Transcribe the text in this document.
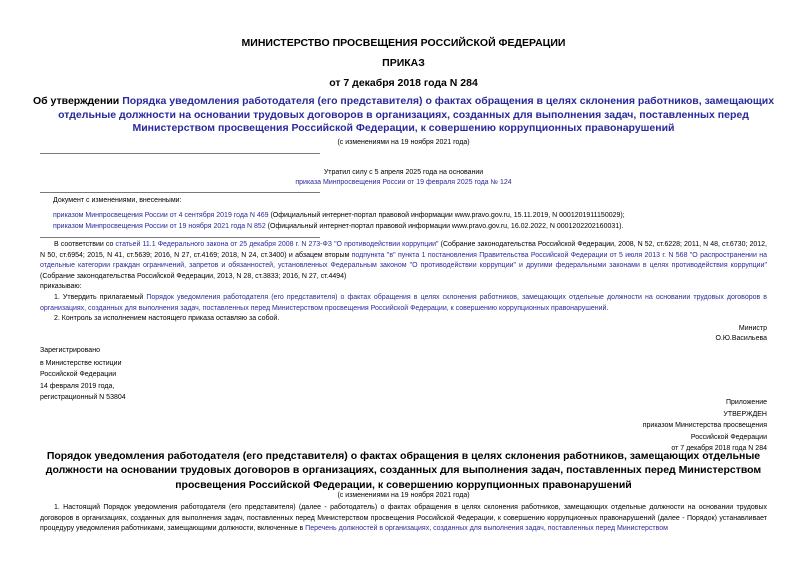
МИНИСТЕРСТВО ПРОСВЕЩЕНИЯ РОССИЙСКОЙ ФЕДЕРАЦИИ
ПРИКАЗ
от 7 декабря 2018 года N 284
Об утверждении Порядка уведомления работодателя (его представителя) о фактах обращения в целях склонения работников, замещающих отдельные должности на основании трудовых договоров в организациях, созданных для выполнения задач, поставленных перед Министерством просвещения Российской Федерации, к совершению коррупционных правонарушений
(с изменениями на 19 ноября 2021 года)
Утратил силу с 5 апреля 2025 года на основании
приказа Минпросвещения России от 19 февраля 2025 года № 124
Документ с изменениями, внесенными:
приказом Минпросвещения России от 4 сентября 2019 года N 469 (Официальный интернет-портал правовой информации www.pravo.gov.ru, 15.11.2019, N 0001201911150029);
приказом Минпросвещения России от 19 ноября 2021 года N 852 (Официальный интернет-портал правовой информации www.pravo.gov.ru, 16.02.2022, N 0001202202160031).
В соответствии со статьей 11.1 Федерального закона от 25 декабря 2008 г. N 273-ФЗ "О противодействии коррупции" (Собрание законодательства Российской Федерации, 2008, N 52, ст.6228; 2011, N 48, ст.6730; 2012, N 50, ст.6954; 2015, N 41, ст.5639; 2016, N 27, ст.4169; 2018, N 24, ст.3400) и абзацем вторым подпункта "в" пункта 1 постановления Правительства Российской Федерации от 5 июля 2013 г. N 568 "О распространении на отдельные категории граждан ограничений, запретов и обязанностей, установленных Федеральным законом "О противодействии коррупции" и другими федеральными законами в целях противодействия коррупции" (Собрание законодательства Российской Федерации, 2013, N 28, ст.3833; 2016, N 27, ст.4494)
приказываю:
1. Утвердить прилагаемый Порядок уведомления работодателя (его представителя) о фактах обращения в целях склонения работников, замещающих отдельные должности на основании трудовых договоров в организациях, созданных для выполнения задач, поставленных перед Министерством просвещения Российской Федерации, к совершению коррупционных правонарушений.
2. Контроль за исполнением настоящего приказа оставляю за собой.
Министр
О.Ю.Васильева
Зарегистрировано
в Министерстве юстиции
Российской Федерации
14 февраля 2019 года,
регистрационный N 53804
Приложение
УТВЕРЖДЕН
приказом Министерства просвещения
Российской Федерации
от 7 декабря 2018 года N 284
Порядок уведомления работодателя (его представителя) о фактах обращения в целях склонения работников, замещающих отдельные должности на основании трудовых договоров в организациях, созданных для выполнения задач, поставленных перед Министерством просвещения Российской Федерации, к совершению коррупционных правонарушений
(с изменениями на 19 ноября 2021 года)
1. Настоящий Порядок уведомления работодателя (его представителя) (далее - работодатель) о фактах обращения в целях склонения работников, замещающих отдельные должности на основании трудовых договоров в организациях, созданных для выполнения задач, поставленных перед Министерством просвещения Российской Федерации, к совершению коррупционных правонарушений (далее - Порядок) устанавливает процедуру уведомления работниками, замещающими должности, включенные в Перечень должностей в организациях, созданных для выполнения задач, поставленных перед Министерством
